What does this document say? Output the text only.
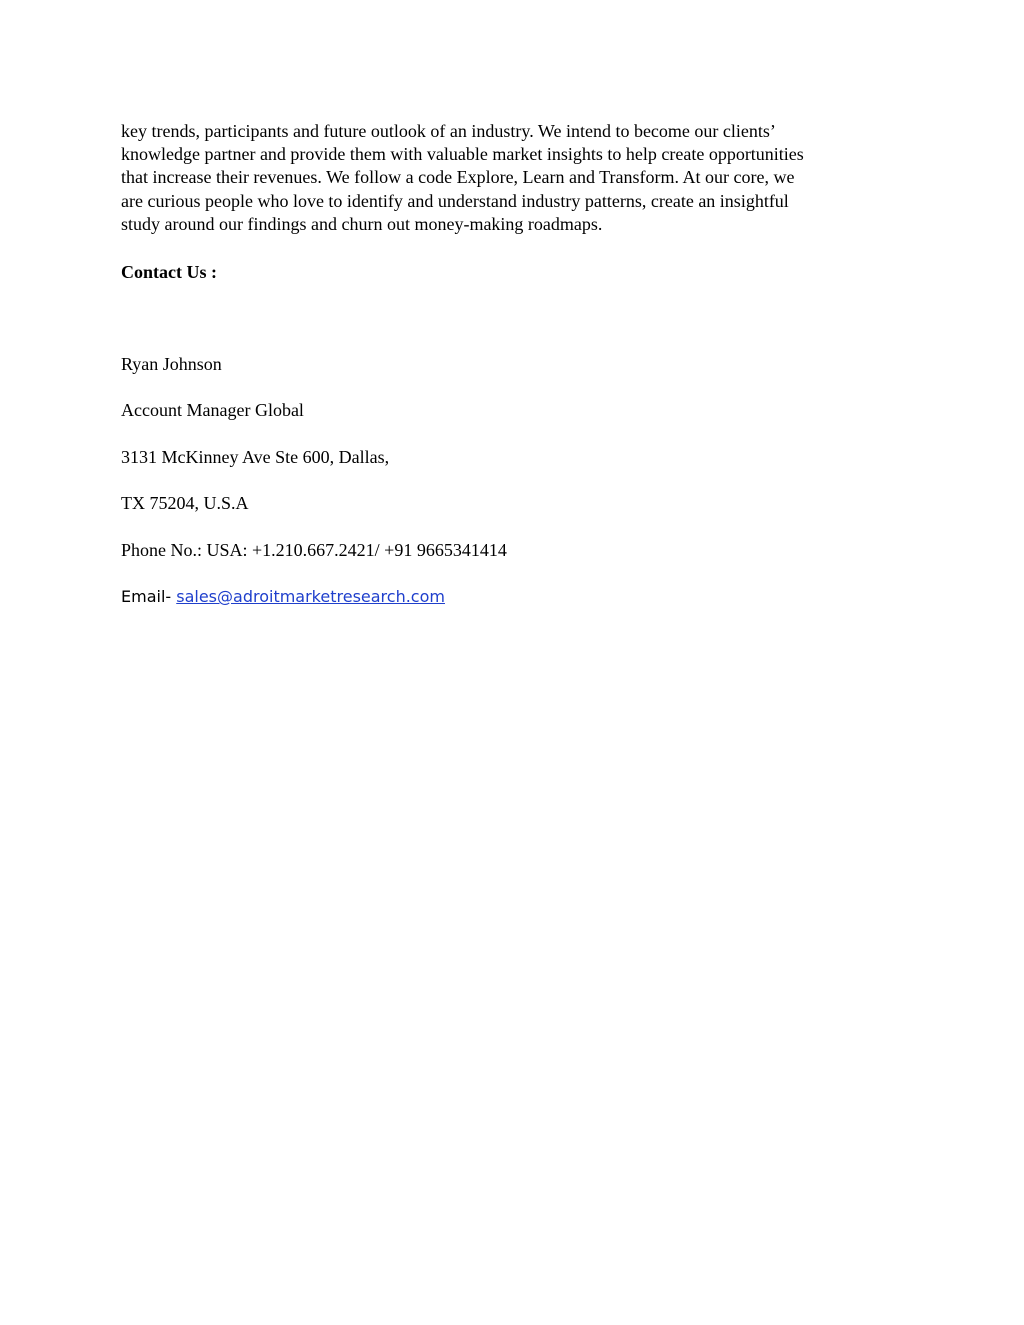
key trends, participants and future outlook of an industry. We intend to become our clients’
knowledge partner and provide them with valuable market insights to help create opportunities
that increase their revenues. We follow a code Explore, Learn and Transform. At our core, we
are curious people who love to identify and understand industry patterns, create an insightful
study around our findings and churn out money-making roadmaps.

Contact Us :

Ryan Johnson

Account Manager Global

3131 McKinney Ave Ste 600, Dallas,

TX 75204, U.S.A

Phone No.: USA: +1.210.667.2421/ +91 9665341414

Email- sales@adroitmarketresearch.com
